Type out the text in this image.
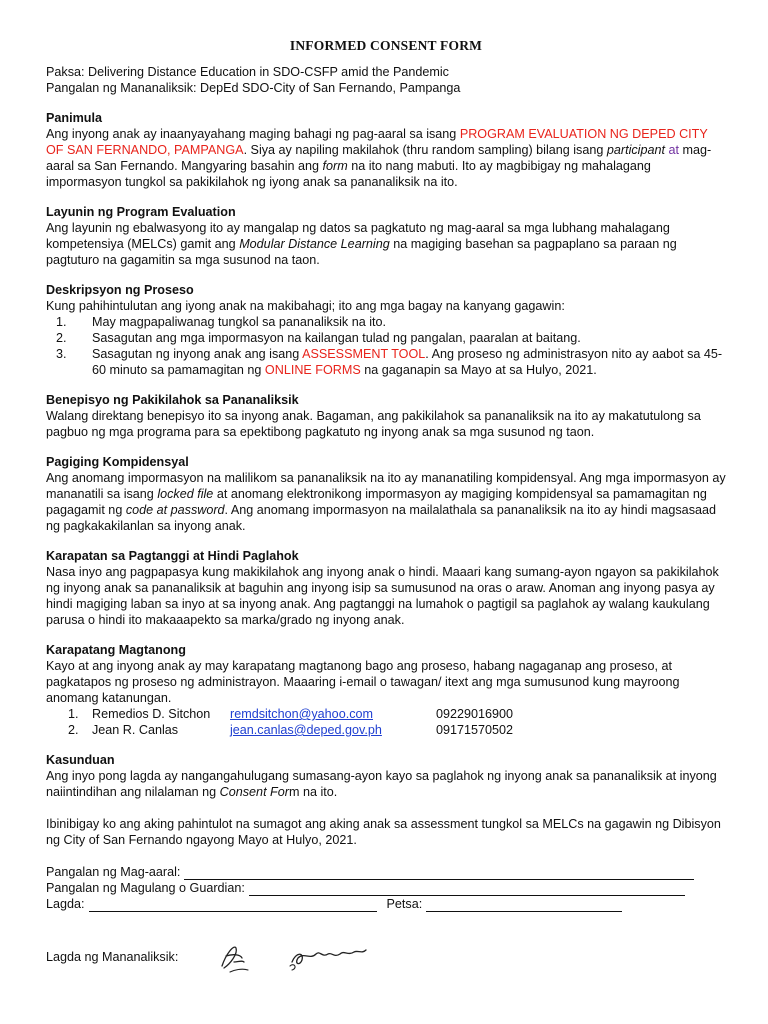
INFORMED CONSENT FORM
Paksa: Delivering Distance Education in SDO-CSFP amid the Pandemic
Pangalan ng Mananaliksik: DepEd SDO-City of San Fernando, Pampanga
Panimula

Ang inyong anak ay inaanyayahang maging bahagi ng pag-aaral sa isang PROGRAM EVALUATION NG DEPED CITY OF SAN FERNANDO, PAMPANGA. Siya ay napiling makilahok (thru random sampling) bilang isang participant at mag-aaral sa San Fernando. Mangyaring basahin ang form na ito nang mabuti. Ito ay magbibigay ng mahalagang impormasyon tungkol sa pakikilahok ng iyong anak sa pananaliksik na ito.

Layunin ng Program Evaluation

Ang layunin ng ebalwasyong ito ay mangalap ng datos sa pagkatuto ng mag-aaral sa mga lubhang mahalagang kompetensiya (MELCs) gamit ang Modular Distance Learning na magiging basehan sa pagpaplano sa paraan ng pagtuturo na gagamitin sa mga susunod na taon.

Deskripsyon ng Proseso

Kung pahihintulutan ang iyong anak na makibahagi; ito ang mga bagay na kanyang gagawin:

1. May magpapaliwanag tungkol sa pananaliksik na ito.
2. Sasagutan ang mga impormasyon na kailangan tulad ng pangalan, paaralan at baitang.
3. Sasagutan ng inyong anak ang isang ASSESSMENT TOOL. Ang proseso ng administrasyon nito ay aabot sa 45-60 minuto sa pamamagitan ng ONLINE FORMS na gaganapin sa Mayo at sa Hulyo, 2021.
Benepisyo ng Pakikilahok sa Pananaliksik

Walang direktang benepisyo ito sa inyong anak. Bagaman, ang pakikilahok sa pananaliksik na ito ay makatutulong sa pagbuo ng mga programa para sa epektibong pagkatuto ng inyong anak sa mga susunod ng taon.

Pagiging Kompidensyal

Ang anomang impormasyon na malilikom sa pananaliksik na ito ay mananatiling kompidensyal. Ang mga impormasyon ay mananatili sa isang locked file at anomang elektronikong impormasyon ay magiging kompidensyal sa pamamagitan ng pagagamit ng code at password. Ang anomang impormasyon na mailalathala sa pananaliksik na ito ay hindi magsasaad ng pagkakakilanlan sa inyong anak.

Karapatan sa Pagtanggi at Hindi Paglahok

Nasa inyo ang pagpapasya kung makikilahok ang inyong anak o hindi. Maaari kang sumang-ayon ngayon sa pakikilahok ng inyong anak sa pananaliksik at baguhin ang inyong isip sa sumusunod na oras o araw. Anoman ang inyong pasya ay hindi magiging laban sa inyo at sa inyong anak. Ang pagtanggi na lumahok o pagtigil sa paglahok ay walang kaukulang parusa o hindi ito makaaapekto sa marka/grado ng inyong anak.

Karapatang Magtanong

Kayo at ang inyong anak ay may karapatang magtanong bago ang proseso, habang nagaganap ang proseso, at pagkatapos ng proseso ng administrayon. Maaaring i-email o tawagan/ itext ang mga sumusunod kung mayroong anomang katanungan.

1.	Remedios D. Sitchon	remdsitchon@yahoo.com	09229016900
2.	Jean R. Canlas	jean.canlas@deped.gov.ph	09171570502
Kasunduan

Ang inyo pong lagda ay nangangahulugang sumasang-ayon kayo sa paglahok ng inyong anak sa pananaliksik at inyong naiintindihan ang nilalaman ng Consent Form na ito.

Ibinibigay ko ang aking pahintulot na sumagot ang aking anak sa assessment tungkol sa MELCs na gagawin ng Dibisyon ng City of San Fernando ngayong Mayo at Hulyo, 2021.

Pangalan ng Mag-aaral:
Pangalan ng Magulang o Guardian:
Lagda:	Petsa:
Lagda ng Mananaliksik:
